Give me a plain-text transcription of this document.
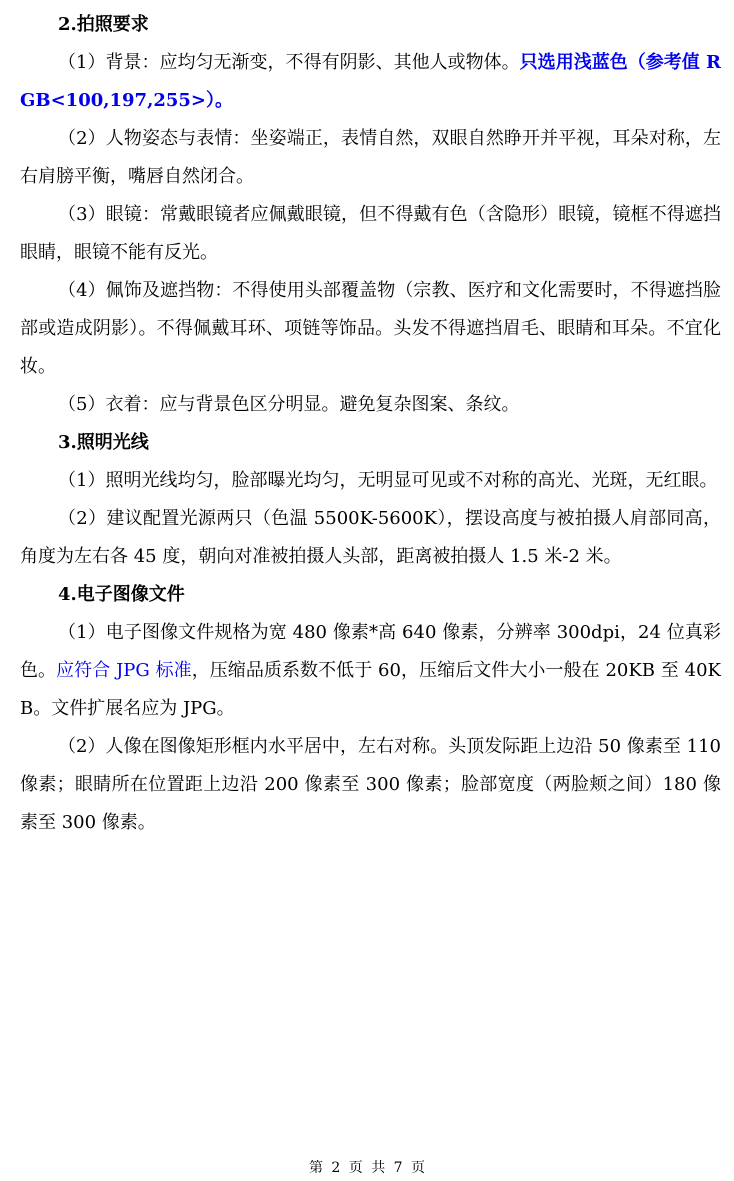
2.拍照要求

（1）背景：应均匀无渐变，不得有阴影、其他人或物体。只选用浅蓝色（参考值 RGB<100,197,255>）。

（2）人物姿态与表情：坐姿端正，表情自然，双眼自然睁开并平视，耳朵对称，左右肩膀平衡，嘴唇自然闭合。

（3）眼镜：常戴眼镜者应佩戴眼镜，但不得戴有色（含隐形）眼镜，镜框不得遮挡眼睛，眼镜不能有反光。

（4）佩饰及遮挡物：不得使用头部覆盖物（宗教、医疗和文化需要时，不得遮挡脸部或造成阴影）。不得佩戴耳环、项链等饰品。头发不得遮挡眉毛、眼睛和耳朵。不宜化妆。

（5）衣着：应与背景色区分明显。避免复杂图案、条纹。

3.照明光线

（1）照明光线均匀，脸部曝光均匀，无明显可见或不对称的高光、光斑，无红眼。

（2）建议配置光源两只（色温 5500K-5600K），摆设高度与被拍摄人肩部同高，角度为左右各 45 度，朝向对准被拍摄人头部，距离被拍摄人 1.5 米-2 米。

4.电子图像文件

（1）电子图像文件规格为宽 480 像素*高 640 像素，分辨率 300dpi，24 位真彩色。应符合 JPG 标准，压缩品质系数不低于 60，压缩后文件大小一般在 20KB 至 40KB。文件扩展名应为 JPG。

（2）人像在图像矩形框内水平居中，左右对称。头顶发际距上边沿 50 像素至 110 像素；眼睛所在位置距上边沿 200 像素至 300 像素；脸部宽度（两脸颊之间）180 像素至 300 像素。

第 2 页 共 7 页
